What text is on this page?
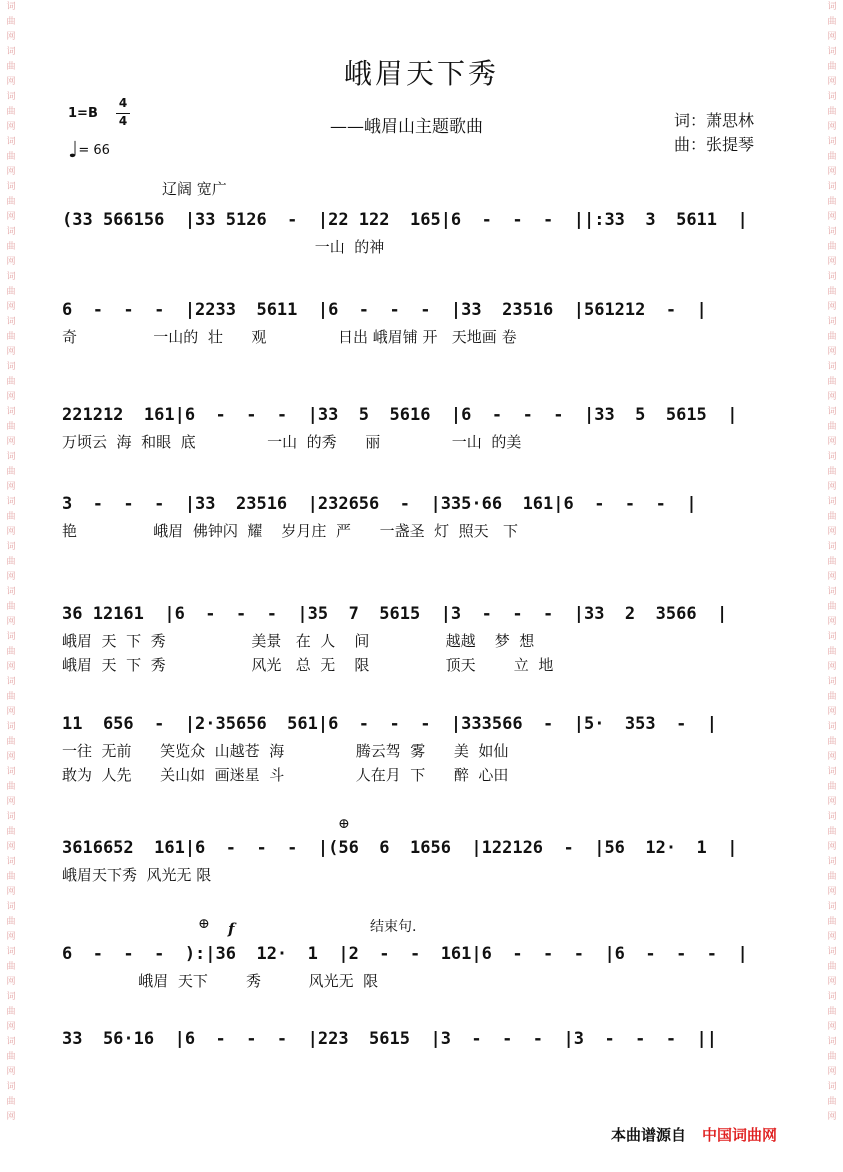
词
曲
网
词
曲
网
词
曲
网
词
曲
网
词
曲
网
词
曲
网
词
曲
网
词
曲
网
词
曲
网
词
曲
网
词
曲
网
词
曲
网
词
曲
网
词
曲
网
词
曲
网
词
曲
网
词
曲
网
词
曲
网
词
曲
网
词
曲
网
词
曲
网
词
曲
网
词
曲
网
词
曲
网
词
曲
网
词
曲
网
词
曲
网
词
曲
网
词
曲
网
词
曲
网
词
曲
网
词
曲
网
词
曲
网
词
曲
网
词
曲
网
词
曲
网
词
曲
网
词
曲
网
词
曲
网
词
曲
网
词
曲
网
词
曲
网
词
曲
网
词
曲
网
词
曲
网
词
曲
网
词
曲
网
词
曲
网
词
曲
网
词
曲
网
峨眉天下秀
——峨眉山主题歌曲	词：萧思林
曲：张提琴
1=B
4
4
♩= 66
辽阔 宽广
结束句.
f
⊕
⊕
(33 566156  |33 5126  -  |22 122  165|6  -  -  -  ||:33  3  5611  |
一山  的神
6  -  -  -  |2233  5611  |6  -  -  -  |33  23516  |561212  -  |
奇                一山的  壮      观               日出 峨眉铺 开   天地画 卷
221212  161|6  -  -  -  |33  5  5616  |6  -  -  -  |33  5  5615  |
万顷云  海  和眼  底               一山  的秀      丽               一山  的美
3  -  -  -  |33  23516  |232656  -  |335·66  161|6  -  -  -  |
艳                峨眉  佛钟闪  耀    岁月庄  严      一盏圣  灯  照天   下
36 12161  |6  -  -  -  |35  7  5615  |3  -  -  -  |33  2  3566  |
峨眉  天  下  秀                  美景   在  人    间                越越    梦  想
峨眉  天  下  秀                  风光   总  无    限                顶天        立  地
11  656  -  |2·35656  561|6  -  -  -  |333566  -  |5·  353  -  |
一往  无前      笑览众  山越苍  海               腾云驾  雾      美  如仙
敢为  人先      关山如  画迷星  斗               人在月  下      醉  心田
3616652  161|6  -  -  -  |(56  6  1656  |122126  -  |56  12·  1  |
峨眉天下秀  风光无 限
6  -  -  -  ):|36  12·  1  |2  -  -  161|6  -  -  -  |6  -  -  -  |
峨眉  天下        秀          风光无  限
33  56·16  |6  -  -  -  |223  5615  |3  -  -  -  |3  -  -  -  ||
本曲谱源自 中国词曲网
